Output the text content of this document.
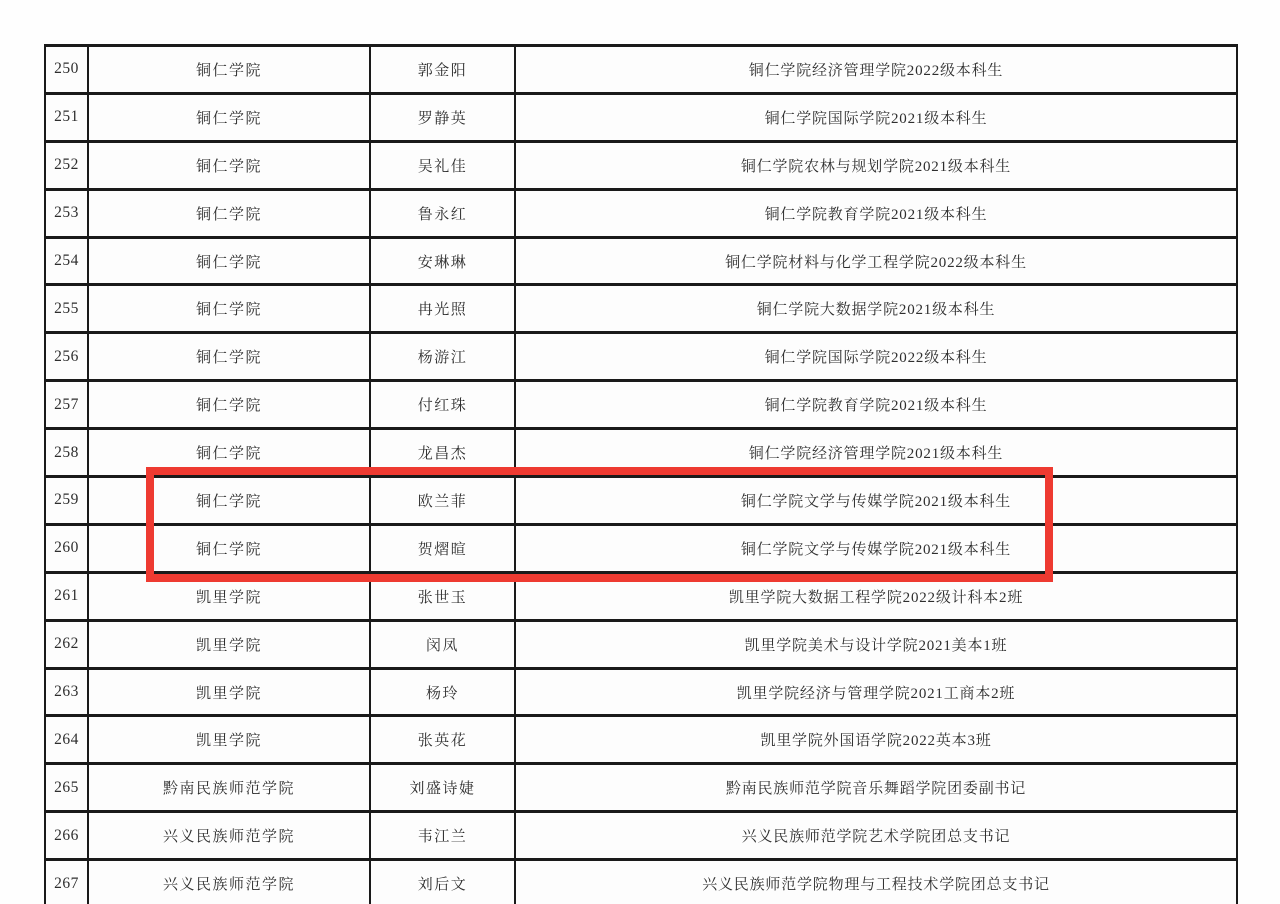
250	铜仁学院	郭金阳	铜仁学院经济管理学院2022级本科生
251	铜仁学院	罗静英	铜仁学院国际学院2021级本科生
252	铜仁学院	吴礼佳	铜仁学院农林与规划学院2021级本科生
253	铜仁学院	鲁永红	铜仁学院教育学院2021级本科生
254	铜仁学院	安琳琳	铜仁学院材料与化学工程学院2022级本科生
255	铜仁学院	冉光照	铜仁学院大数据学院2021级本科生
256	铜仁学院	杨游江	铜仁学院国际学院2022级本科生
257	铜仁学院	付红珠	铜仁学院教育学院2021级本科生
258	铜仁学院	龙昌杰	铜仁学院经济管理学院2021级本科生
259	铜仁学院	欧兰菲	铜仁学院文学与传媒学院2021级本科生
260	铜仁学院	贺熠暄	铜仁学院文学与传媒学院2021级本科生
261	凯里学院	张世玉	凯里学院大数据工程学院2022级计科本2班
262	凯里学院	闵凤	凯里学院美术与设计学院2021美本1班
263	凯里学院	杨玲	凯里学院经济与管理学院2021工商本2班
264	凯里学院	张英花	凯里学院外国语学院2022英本3班
265	黔南民族师范学院	刘盛诗婕	黔南民族师范学院音乐舞蹈学院团委副书记
266	兴义民族师范学院	韦江兰	兴义民族师范学院艺术学院团总支书记
267	兴义民族师范学院	刘后文	兴义民族师范学院物理与工程技术学院团总支书记
